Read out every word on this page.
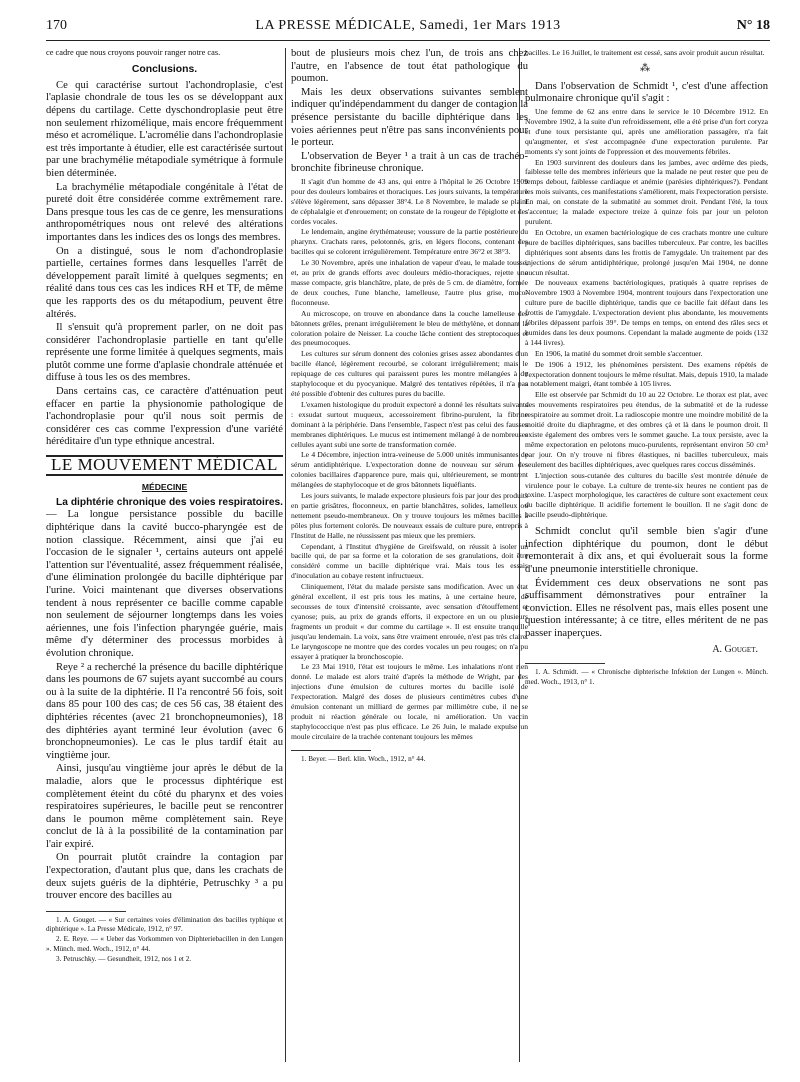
170	LA PRESSE MÉDICALE, Samedi, 1er Mars 1913	N° 18

ce cadre que nous croyons pouvoir ranger notre cas.

Conclusions.

Ce qui caractérise surtout l'achondroplasie, c'est l'aplasie chondrale de tous les os se développant aux dépens du cartilage. Cette dyschondroplasie peut être non seulement rhizomélique, mais encore fréquemment méso et acromélique. L'acromélie dans l'achondroplasie est très importante à étudier, elle est caractérisée surtout par une brachymélie métapodiale symétrique à formule bien déterminée.

La brachymélie métapodiale congénitale à l'état de pureté doit être considérée comme extrêmement rare. Dans presque tous les cas de ce genre, les mensurations anthropométriques nous ont relevé des altérations importantes dans les indices des os longs des membres.

On a distingué, sous le nom d'achondroplasie partielle, certaines formes dans lesquelles l'arrêt de développement paraît limité à quelques segments; en réalité dans tous ces cas les indices RH et TF, de même que les rapports des os du métapodium, peuvent être altérés.

Il s'ensuit qu'à proprement parler, on ne doit pas considérer l'achondroplasie partielle en tant qu'elle représente une forme limitée à quelques segments, mais plutôt comme une forme d'aplasie chondrale atténuée et diffuse à tous les os des membres.

Dans certains cas, ce caractère d'atténuation peut effacer en partie la physionomie pathologique de l'achondroplasie pour qu'il nous soit permis de considérer ces cas comme l'expression d'une variété héréditaire d'un type ethnique ancestral.

LE MOUVEMENT MÉDICAL
MÉDECINE

La diphtérie chronique des voies respiratoires. — La longue persistance possible du bacille diphtérique dans la cavité bucco-pharyngée est de notion classique. Récemment, ainsi que j'ai eu l'occasion de le signaler ¹, certains auteurs ont appelé l'attention sur l'éventualité, assez fréquemment réalisée, d'une élimination prolongée du bacille diphtérique par l'urine. Voici maintenant que diverses observations tendent à nous représenter ce bacille comme capable non seulement de séjourner longtemps dans les voies aériennes, une fois l'infection pharyngée guérie, mais même d'y déterminer des processus morbides à évolution chronique.

Reye ² a recherché la présence du bacille diphtérique dans les poumons de 67 sujets ayant succombé au cours ou à la suite de la diphtérie. Il l'a rencontré 56 fois, soit dans 85 pour 100 des cas; de ces 56 cas, 38 étaient des diphtéries récentes (avec 21 bronchopneumonies), 18 des diphtéries ayant terminé leur évolution (avec 6 bronchopneumonies). Le cas le plus tardif était au vingtième jour.

Ainsi, jusqu'au vingtième jour après le début de la maladie, alors que le processus diphtérique est complètement éteint du côté du pharynx et des voies respiratoires supérieures, le bacille peut se rencontrer dans le poumon même complètement sain. Reye conclut de là à la possibilité de la contamination par l'air expiré.

On pourrait plutôt craindre la contagion par l'expectoration, d'autant plus que, dans les crachats de deux sujets guéris de la diphtérie, Petruschky ³ a pu trouver encore des bacilles au

1. A. Gouget. — « Sur certaines voies d'élimination des bacilles typhique et diphtérique ». La Presse Médicale, 1912, n° 97.

2. E. Reye. — « Ueber das Vorkommen von Diphteriebacillen in den Lungen ». Münch. med. Woch., 1912, n° 44.

3. Petruschky. — Gesundheit, 1912, nos 1 et 2.

bout de plusieurs mois chez l'un, de trois ans chez l'autre, en l'absence de tout état pathologique du poumon.

Mais les deux observations suivantes semblent indiquer qu'indépendamment du danger de contagion la présence persistante du bacille diphtérique dans les voies aériennes peut n'être pas sans inconvénients pour le porteur.

L'observation de Beyer ¹ a trait à un cas de trachéo-bronchite fibrineuse chronique.

Il s'agit d'un homme de 43 ans, qui entre à l'hôpital le 26 Octobre 1909 pour des douleurs lombaires et thoraciques. Les jours suivants, la température s'élève légèrement, sans dépasser 38°4. Le 8 Novembre, le malade se plaint de céphalalgie et d'enrouement; on constate de la rougeur de l'épiglotte et des cordes vocales.

Le lendemain, angine érythémateuse; voussure de la partie postérieure du pharynx. Crachats rares, pelotonnés, gris, en légers flocons, contenant des bacilles qui se colorent irrégulièrement. Température entre 36°2 et 38°3.

Le 30 Novembre, après une inhalation de vapeur d'eau, le malade tousse, et, au prix de grands efforts avec douleurs médio-thoraciques, rejette une masse compacte, gris blanchâtre, plate, de près de 5 cm. de diamètre, formée de deux couches, l'une blanche, lamelleuse, l'autre plus grise, muco-floconneuse.

Au microscope, on trouve en abondance dans la couche lamelleuse des bâtonnets grêles, prenant irrégulièrement le bleu de méthylène, et donnant la coloration polaire de Neisser. La couche lâche contient des streptocoques et des pneumocoques.

Les cultures sur sérum donnent des colonies grises assez abondantes d'un bacille élancé, légèrement recourbé, se colorant irrégulièrement; mais le repiquage de ces cultures qui paraissent pures les montre mélangées à du staphylocoque et du pyocyanique. Malgré des tentatives répétées, il n'a pas été possible d'obtenir des cultures pures du bacille.

L'examen histologique du produit expectoré a donné les résultats suivants : exsudat surtout muqueux, accessoirement fibrino-purulent, la fibrine dominant à la périphérie. Dans l'ensemble, l'aspect n'est pas celui des fausses membranes diphtériques. Le mucus est intimement mélangé à de nombreuses cellules ayant subi une sorte de transformation cornée.

Le 4 Décembre, injection intra-veineuse de 5.000 unités immunisantes de sérum antidiphtérique. L'expectoration donne de nouveau sur sérum des colonies bacillaires d'apparence pure, mais qui, ultérieurement, se montrent mélangées de staphylocoque et de gros bâtonnets liquéfiants.

Les jours suivants, le malade expectore plusieurs fois par jour des produits en partie grisâtres, floconneux, en partie blanchâtres, solides, lamelleux ou nettement pseudo-membraneux. On y trouve toujours les mêmes bacilles à pôles plus fortement colorés. De nouveaux essais de culture pure, entrepris à l'Institut de Halle, ne réussissent pas mieux que les premiers.

Cependant, à l'Institut d'hygiène de Greifswald, on réussit à isoler un bacille qui, de par sa forme et la coloration de ses granulations, doit être considéré comme un bacille diphtérique vrai. Mais tous les essais d'inoculation au cobaye restent infructueux.

Cliniquement, l'état du malade persiste sans modification. Avec un état général excellent, il est pris tous les matins, à une certaine heure, de secousses de toux d'intensité croissante, avec sensation d'étouffement et cyanose; puis, au prix de grands efforts, il expectore en un ou plusieurs fragments un produit « dur comme du cartilage ». Il est ensuite tranquille jusqu'au lendemain. La voix, sans être vraiment enrouée, n'est pas très claire. Le laryngoscope ne montre que des cordes vocales un peu rouges; on n'a pu essayer à pratiquer la bronchoscopie.

Le 23 Mai 1910, l'état est toujours le même. Les inhalations n'ont rien donné. Le malade est alors traité d'après la méthode de Wright, par des injections d'une émulsion de cultures mortes du bacille isolé de l'expectoration. Malgré des doses de plusieurs centimètres cubes d'une émulsion contenant un milliard de germes par millimètre cube, il ne se produit ni réaction générale ou locale, ni amélioration. Un vaccin staphylococcique n'est pas plus efficace. Le 26 Juin, le malade expulse un moule circulaire de la trachée contenant toujours les mêmes

1. Beyer. — Berl. klin. Woch., 1912, n° 44.

bacilles. Le 16 Juillet, le traitement est cessé, sans avoir produit aucun résultat.

⁂

Dans l'observation de Schmidt ¹, c'est d'une affection pulmonaire chronique qu'il s'agit :

Une femme de 62 ans entre dans le service le 10 Décembre 1912. En Novembre 1902, à la suite d'un refroidissement, elle a été prise d'un fort coryza et d'une toux persistante qui, après une amélioration passagère, n'a fait qu'augmenter, et s'est accompagnée d'une expectoration purulente. Par moments s'y sont joints de l'oppression et des mouvements fébriles.

En 1903 survinrent des douleurs dans les jambes, avec œdème des pieds, faiblesse telle des membres inférieurs que la malade ne peut rester que peu de temps debout, faiblesse cardiaque et anémie (parésies diphtériques?). Pendant les mois suivants, ces manifestations s'améliorent, mais l'expectoration persiste. En mai, on constate de la submatité au sommet droit. Pendant l'été, la toux s'accentue; la malade expectore treize à quinze fois par jour un peloton purulent.

En Octobre, un examen bactériologique de ces crachats montre une culture pure de bacilles diphtériques, sans bacilles tuberculeux. Par contre, les bacilles diphtériques sont absents dans les frottis de l'amygdale. Un traitement par des injections de sérum antidiphtérique, prolongé jusqu'en Mai 1904, ne donne aucun résultat.

De nouveaux examens bactériologiques, pratiqués à quatre reprises de Novembre 1903 à Novembre 1904, montrent toujours dans l'expectoration une culture pure de bacille diphtérique, tandis que ce bacille fait défaut dans les frottis de l'amygdale. L'expectoration devient plus abondante, les mouvements fébriles dépassent parfois 39°. De temps en temps, on entend des râles secs et humides dans les deux poumons. Cependant la malade augmente de poids (132 à 144 livres).

En 1906, la matité du sommet droit semble s'accentuer.

De 1906 à 1912, les phénomènes persistent. Des examens répétés de l'expectoration donnent toujours le même résultat. Mais, depuis 1910, la malade a notablement maigri, étant tombée à 105 livres.

Elle est observée par Schmidt du 10 au 22 Octobre. Le thorax est plat, avec des mouvements respiratoires peu étendus, de la submatité et de la rudesse respiratoire au sommet droit. La radioscopie montre une moindre mobilité de la moitié droite du diaphragme, et des ombres çà et là dans le poumon droit. Il existe également des ombres vers le sommet gauche. La toux persiste, avec la même expectoration en pelotons muco-purulents, représentant environ 50 cm³ par jour. On n'y trouve ni fibres élastiques, ni bacilles tuberculeux, mais seulement des bacilles diphtériques, avec quelques rares coccus disséminés.

L'injection sous-cutanée des cultures du bacille s'est montrée dénuée de virulence pour le cobaye. La culture de trente-six heures ne contient pas de toxine. L'aspect morphologique, les caractères de culture sont exactement ceux du bacille diphtérique. Il acidifie fortement le bouillon. Il ne s'agit donc de bacille pseudo-diphtérique.

Schmidt conclut qu'il semble bien s'agir d'une infection diphtérique du poumon, dont le début remonterait à dix ans, et qui évoluerait sous la forme d'une pneumonie interstitielle chronique.

Évidemment ces deux observations ne sont pas suffisamment démonstratives pour entraîner la conviction. Elles ne résolvent pas, mais elles posent une question intéressante; à ce titre, elles méritent de ne pas passer inaperçues.

A. Gouget.

1. A. Schmidt. — « Chronische diphterische Infektion der Lungen ». Münch. med. Woch., 1913, n° 1.
